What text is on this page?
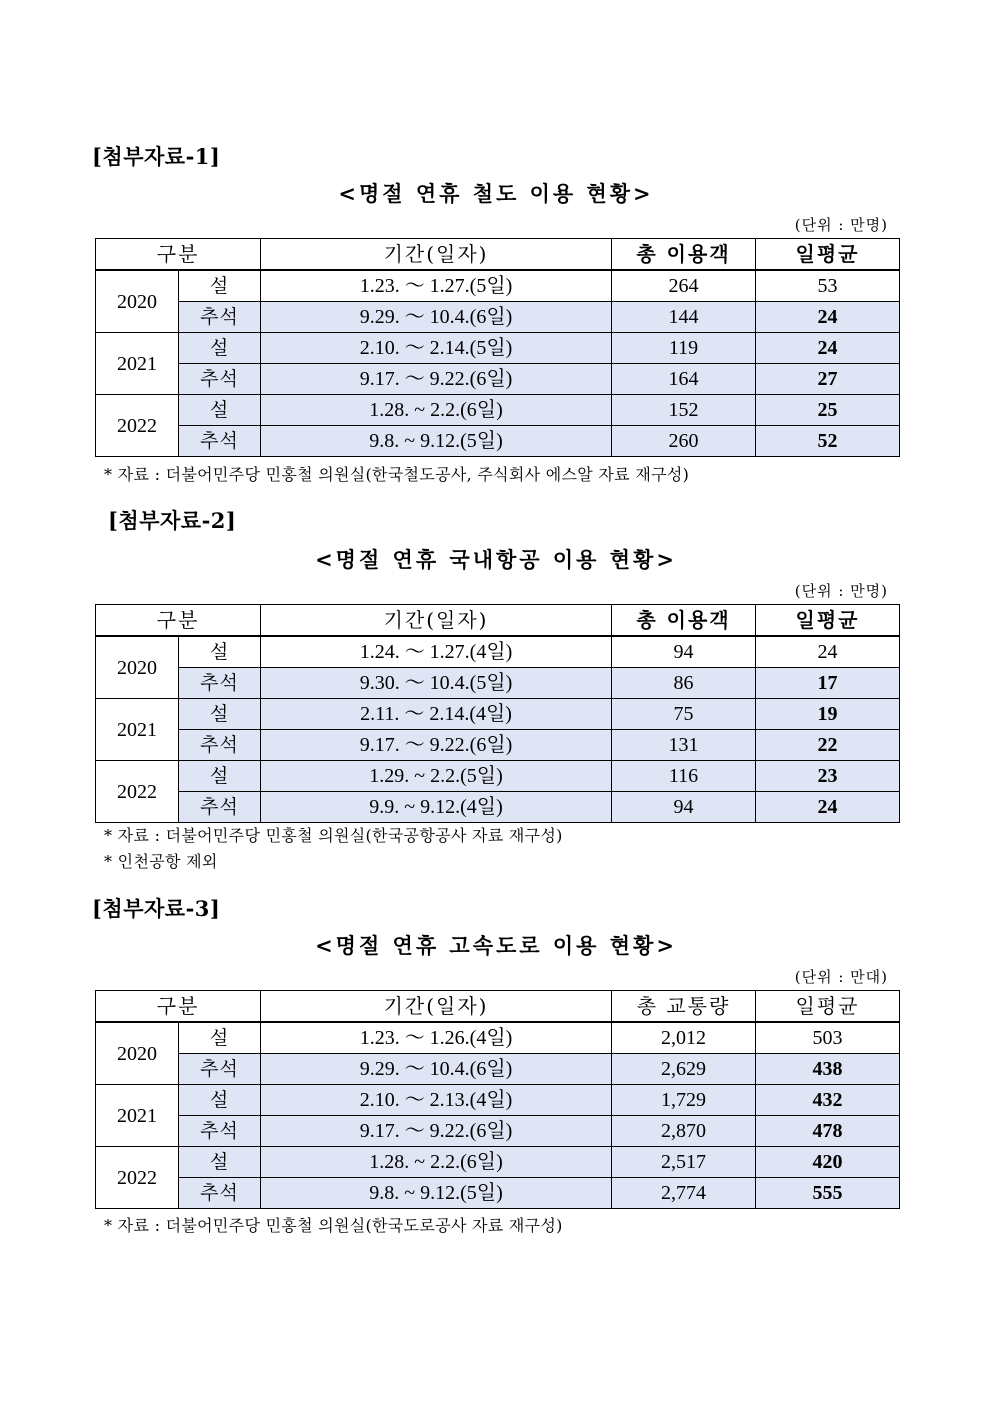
[첨부자료-1]
<명절 연휴 철도 이용 현황>
(단위 : 만명)
구분		기간(일자)	총 이용객	일평균
2020	설	1.23. ～ 1.27.(5일)	264	53
	추석	9.29. ～ 10.4.(6일)	144	24
2021	설	2.10. ～ 2.14.(5일)	119	24
	추석	9.17. ～ 9.22.(6일)	164	27
2022	설	1.28. ~ 2.2.(6일)	152	25
	추석	9.8. ~ 9.12.(5일)	260	52
* 자료 : 더불어민주당 민홍철 의원실(한국철도공사, 주식회사 에스알 자료 재구성)
[첨부자료-2]
<명절 연휴 국내항공 이용 현황>
(단위 : 만명)
구분		기간(일자)	총 이용객	일평균
2020	설	1.24. ～ 1.27.(4일)	94	24
	추석	9.30. ～ 10.4.(5일)	86	17
2021	설	2.11. ～ 2.14.(4일)	75	19
	추석	9.17. ～ 9.22.(6일)	131	22
2022	설	1.29. ~ 2.2.(5일)	116	23
	추석	9.9. ~ 9.12.(4일)	94	24
* 자료 : 더불어민주당 민홍철 의원실(한국공항공사 자료 재구성)
* 인천공항 제외
[첨부자료-3]
<명절 연휴 고속도로 이용 현황>
(단위 : 만대)
구분		기간(일자)	총 교통량	일평균
2020	설	1.23. ～ 1.26.(4일)	2,012	503
	추석	9.29. ～ 10.4.(6일)	2,629	438
2021	설	2.10. ～ 2.13.(4일)	1,729	432
	추석	9.17. ～ 9.22.(6일)	2,870	478
2022	설	1.28. ~ 2.2.(6일)	2,517	420
	추석	9.8. ~ 9.12.(5일)	2,774	555
* 자료 : 더불어민주당 민홍철 의원실(한국도로공사 자료 재구성)
